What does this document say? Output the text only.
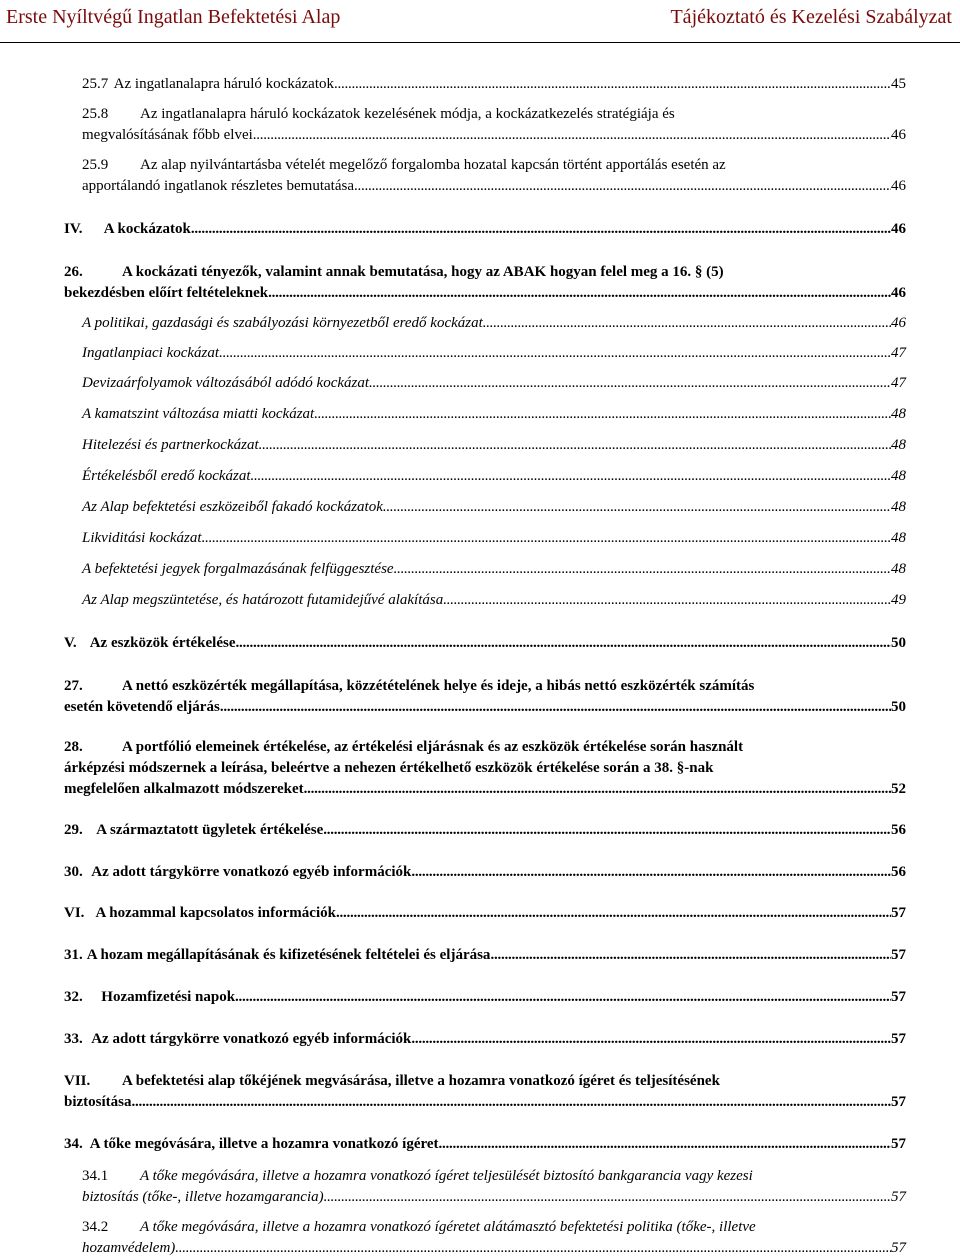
Erste Nyíltvégű Ingatlan Befektetési Alap	Tájékoztató és Kezelési Szabályzat
25.7 Az ingatlanalapra háruló kockázatok . . .	45
25.8	Az ingatlanalapra háruló kockázatok kezelésének módja, a kockázatkezelés stratégiája és
megvalósításának főbb elvei . . .	46
25.9	Az alap nyilvántartásba vételét megelőző forgalomba hozatal kapcsán történt apportálás esetén az
apportálandó ingatlanok részletes bemutatása . . .	46
IV.	A kockázatok . . .	46
26.	A kockázati tényezők, valamint annak bemutatása, hogy az ABAK hogyan felel meg a 16. § (5)
bekezdésben előírt feltételeknek . . .	46
A politikai, gazdasági és szabályozási környezetből eredő kockázat . . .	46
Ingatlanpiaci kockázat . . .	47
Devizaárfolyamok változásából adódó kockázat . . .	47
A kamatszint változása miatti kockázat . . .	48
Hitelezési és partnerkockázat . . .	48
Értékelésből eredő kockázat . . .	48
Az Alap befektetési eszközeiből fakadó kockázatok . . .	48
Likviditási kockázat . . .	48
A befektetési jegyek forgalmazásának felfüggesztése . . .	48
Az Alap megszüntetése, és határozott futamidejűvé alakítása . . .	49
V. Az eszközök értékelése . . .	50
27.	A nettó eszközérték megállapítása, közzétételének helye és ideje, a hibás nettó eszközérték számítás
esetén követendő eljárás . . .	50
28.	A portfólió elemeinek értékelése, az értékelési eljárásnak és az eszközök értékelése során használt
árképzési módszernek a leírása, beleértve a nehezen értékelhető eszközök értékelése során a 38. §-nak
megfelelően alkalmazott módszereket . . .	52
29. A származtatott ügyletek értékelése . . .	56
30. Az adott tárgykörre vonatkozó egyéb információk . . .	56
VI. A hozammal kapcsolatos információk . . .	57
31. A hozam megállapításának és kifizetésének feltételei és eljárása . . .	57
32.	Hozamfizetési napok . . .	57
33. Az adott tárgykörre vonatkozó egyéb információk . . .	57
VII.	A befektetési alap tőkéjének megvásárása, illetve a hozamra vonatkozó ígéret és teljesítésének
biztosítása . . .	57
34. A tőke megóvására, illetve a hozamra vonatkozó ígéret . . .	57
34.1	A tőke megóvására, illetve a hozamra vonatkozó ígéret teljesülését biztosító bankgarancia vagy kezesi
biztosítás (tőke-, illetve hozamgarancia) . . .	57
34.2	A tőke megóvására, illetve a hozamra vonatkozó ígéretet alátámasztó befektetési politika (tőke-, illetve
hozamvédelem) . . .	57
